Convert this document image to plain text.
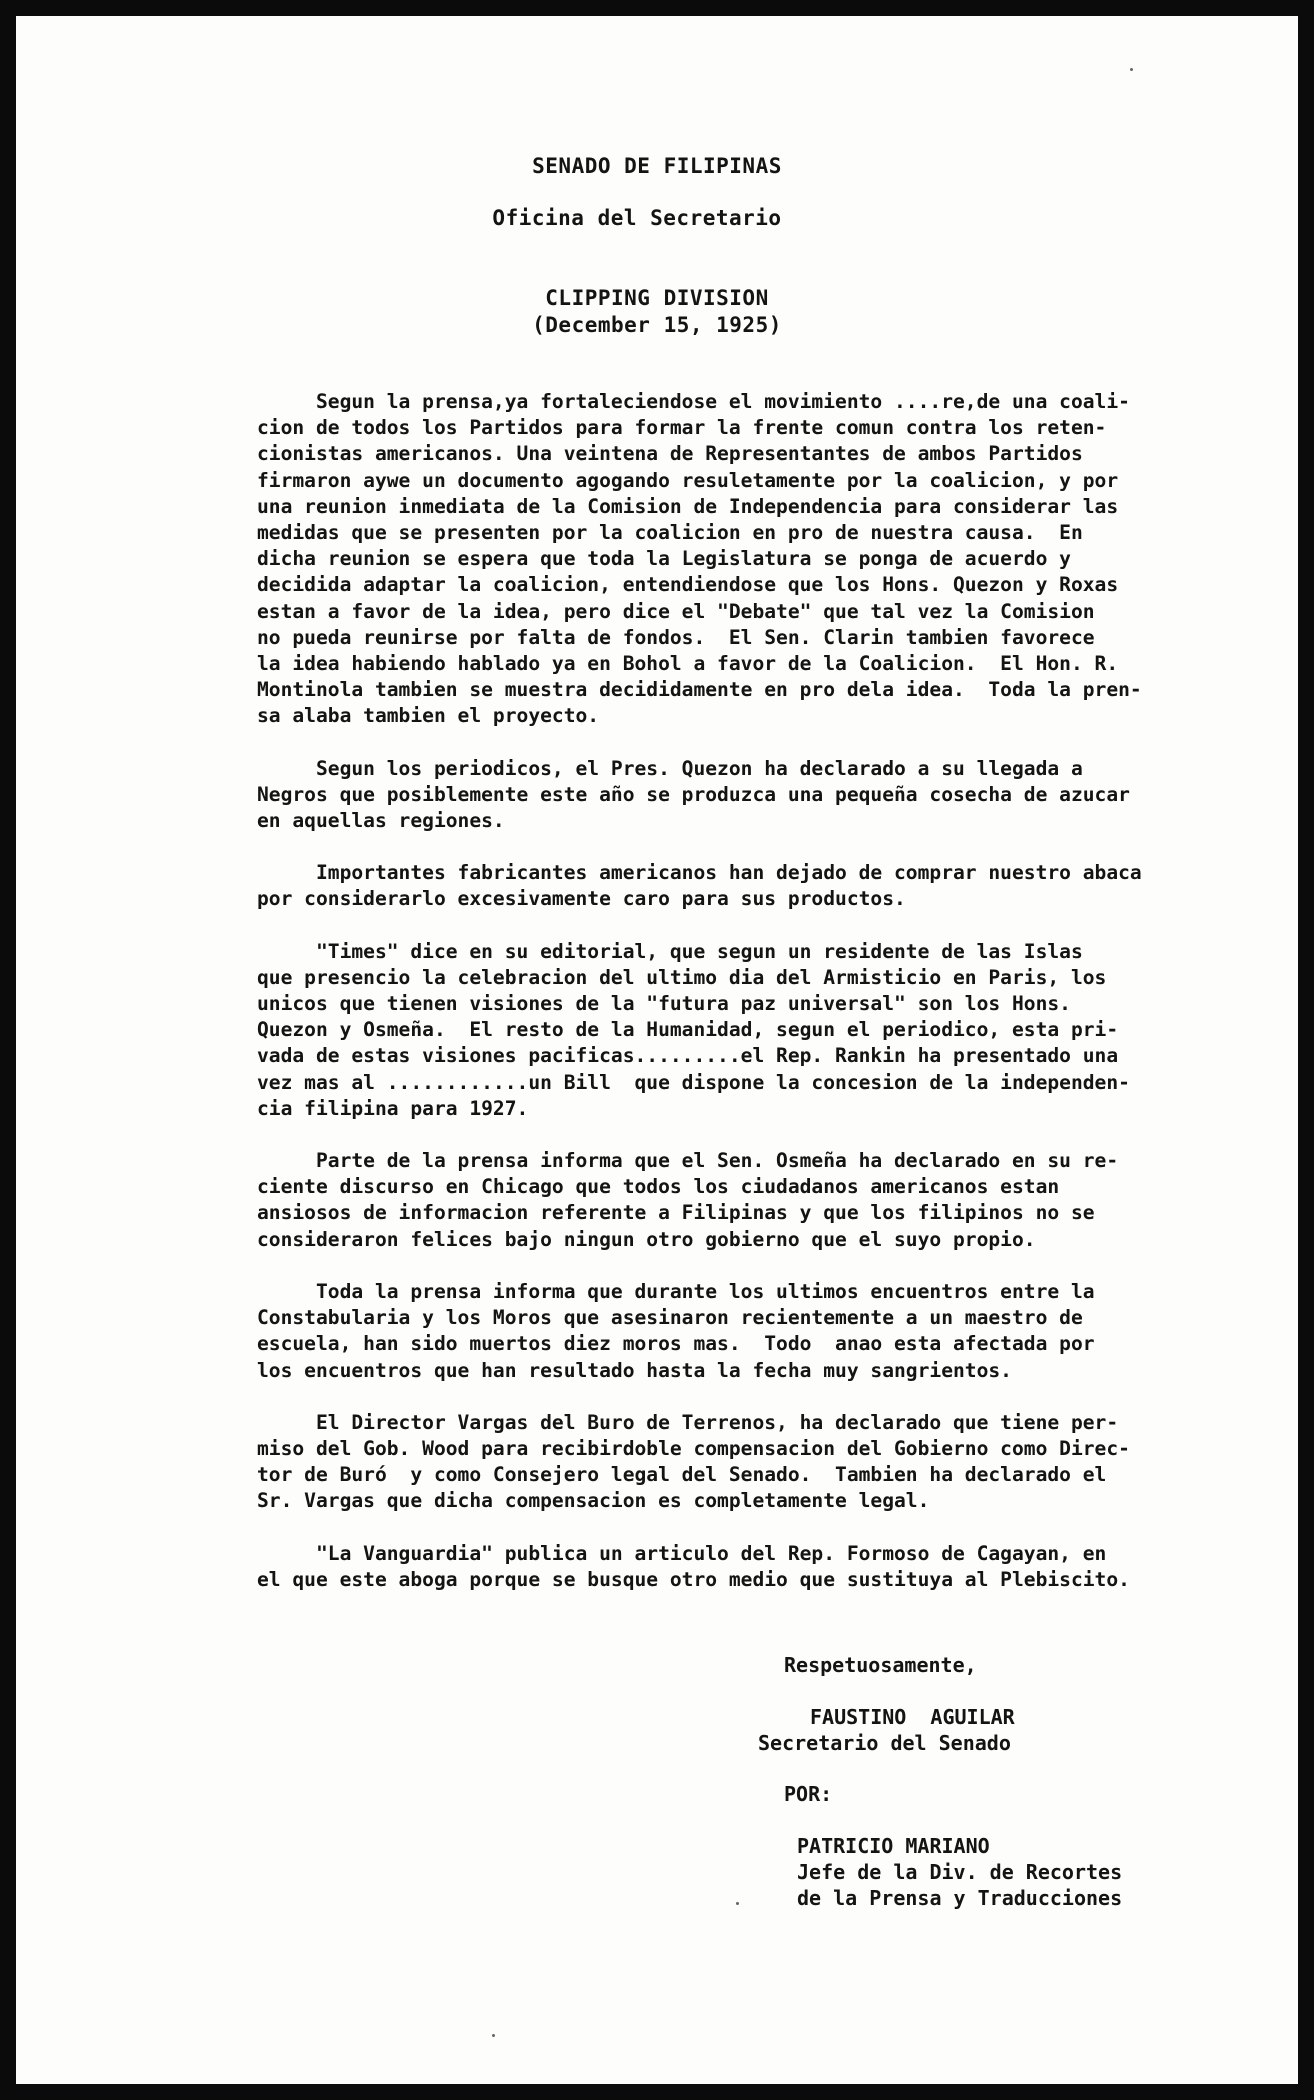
SENADO DE FILIPINAS
Oficina del Secretario
CLIPPING DIVISION
(December 15, 1925)
Segun la prensa,ya fortaleciendose el movimiento ....re,de una coali-
cion de todos los Partidos para formar la frente comun contra los reten-
cionistas americanos. Una veintena de Representantes de ambos Partidos
firmaron aywe un documento agogando resuletamente por la coalicion, y por
una reunion inmediata de la Comision de Independencia para considerar las
medidas que se presenten por la coalicion en pro de nuestra causa.  En
dicha reunion se espera que toda la Legislatura se ponga de acuerdo y
decidida adaptar la coalicion, entendiendose que los Hons. Quezon y Roxas
estan a favor de la idea, pero dice el "Debate" que tal vez la Comision
no pueda reunirse por falta de fondos.  El Sen. Clarin tambien favorece
la idea habiendo hablado ya en Bohol a favor de la Coalicion.  El Hon. R.
Montinola tambien se muestra decididamente en pro dela idea.  Toda la pren-
sa alaba tambien el proyecto.
Segun los periodicos, el Pres. Quezon ha declarado a su llegada a
Negros que posiblemente este año se produzca una pequeña cosecha de azucar
en aquellas regiones.
Importantes fabricantes americanos han dejado de comprar nuestro abaca
por considerarlo excesivamente caro para sus productos.
"Times" dice en su editorial, que segun un residente de las Islas
que presencio la celebracion del ultimo dia del Armisticio en Paris, los
unicos que tienen visiones de la "futura paz universal" son los Hons.
Quezon y Osmeña.  El resto de la Humanidad, segun el periodico, esta pri-
vada de estas visiones pacificas.........el Rep. Rankin ha presentado una
vez mas al ............un Bill  que dispone la concesion de la independen-
cia filipina para 1927.
Parte de la prensa informa que el Sen. Osmeña ha declarado en su re-
ciente discurso en Chicago que todos los ciudadanos americanos estan
ansiosos de informacion referente a Filipinas y que los filipinos no se
consideraron felices bajo ningun otro gobierno que el suyo propio.
Toda la prensa informa que durante los ultimos encuentros entre la
Constabularia y los Moros que asesinaron recientemente a un maestro de
escuela, han sido muertos diez moros mas.  Todo  anao esta afectada por
los encuentros que han resultado hasta la fecha muy sangrientos.
El Director Vargas del Buro de Terrenos, ha declarado que tiene per-
miso del Gob. Wood para recibirdoble compensacion del Gobierno como Direc-
tor de Buró  y como Consejero legal del Senado.  Tambien ha declarado el
Sr. Vargas que dicha compensacion es completamente legal.
"La Vanguardia" publica un articulo del Rep. Formoso de Cagayan, en
el que este aboga porque se busque otro medio que sustituya al Plebiscito.
Respetuosamente,
FAUSTINO  AGUILAR
Secretario del Senado
POR:
PATRICIO MARIANO
Jefe de la Div. de Recortes
de la Prensa y Traducciones
